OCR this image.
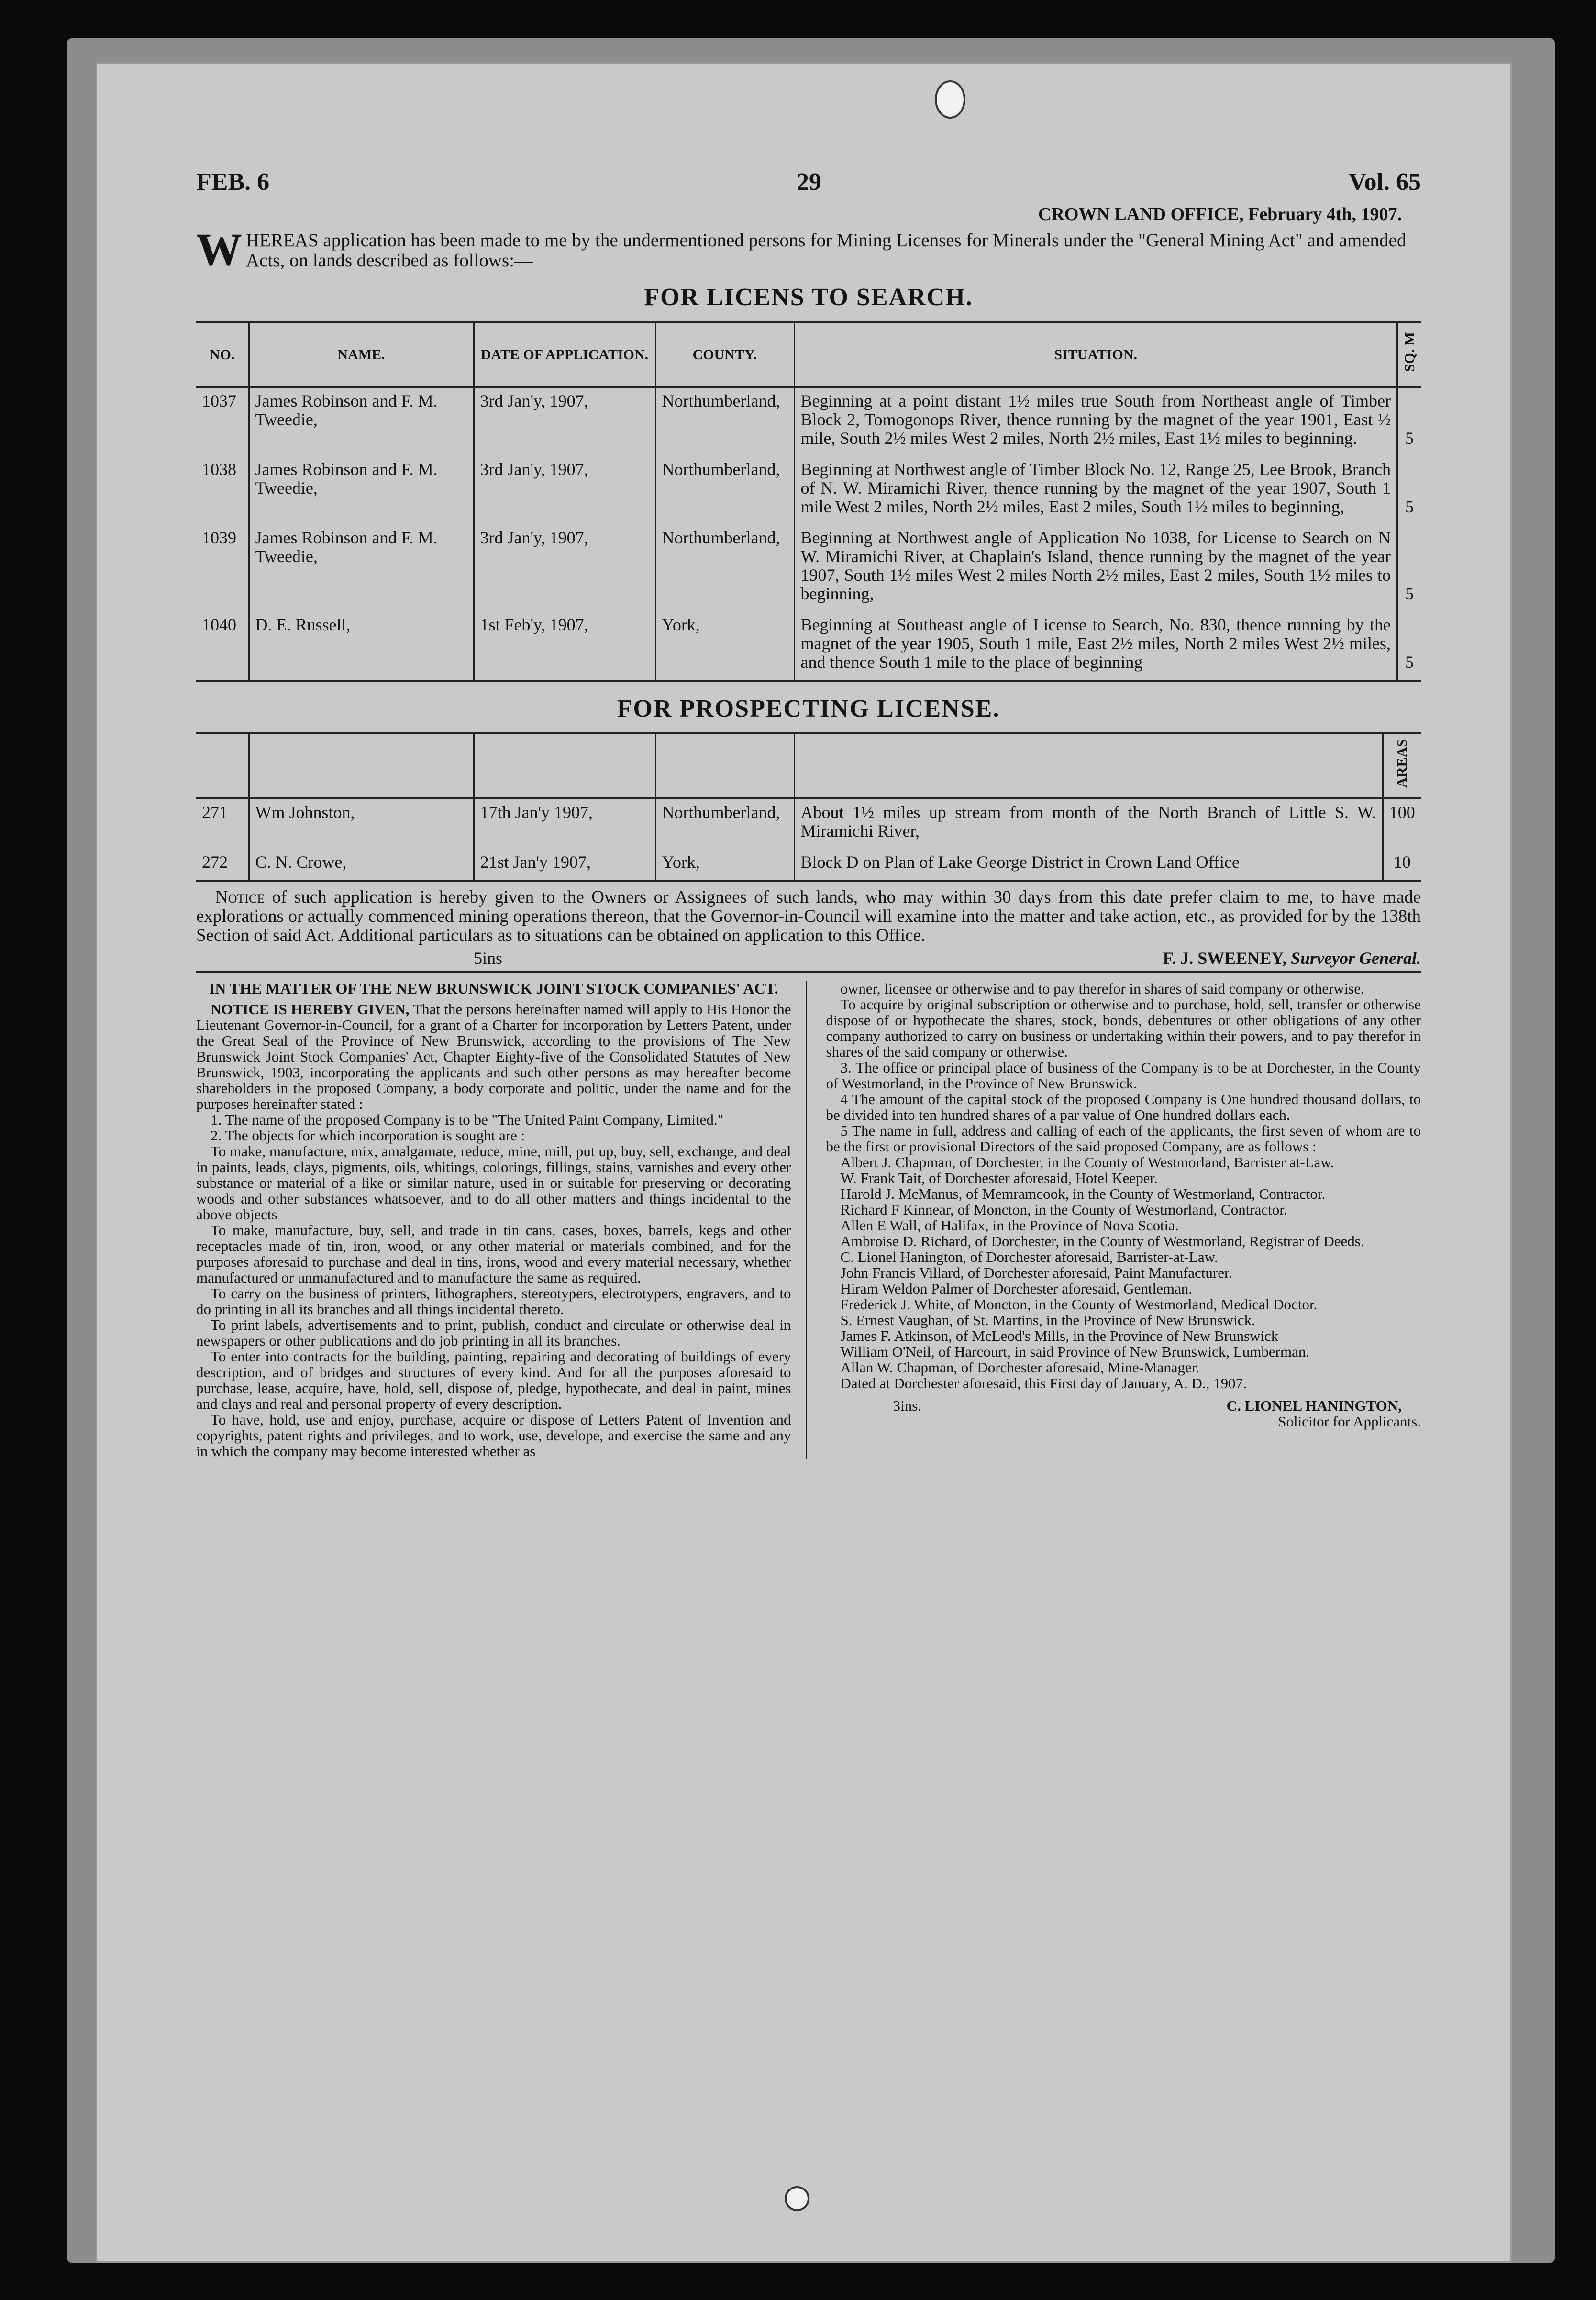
FEB. 6	29	Vol. 65
CROWN LAND OFFICE, February 4th, 1907.
W HEREAS application has been made to me by the undermentioned persons for Mining Licenses for Minerals under the "General Mining Act" and amended Acts, on lands described as follows:—
FOR LICENS TO SEARCH.
NO.	NAME.	DATE OF APPLICATION.	COUNTY.	SITUATION.	SQ. M
1037	James Robinson and F. M. Tweedie,	3rd Jan'y, 1907,	Northumberland,	Beginning at a point distant 1½ miles true South from Northeast angle of Timber Block 2, Tomogonops River, thence running by the magnet of the year 1901, East ½ mile, South 2½ miles West 2 miles, North 2½ miles, East 1½ miles to beginning.	5
1038	James Robinson and F. M. Tweedie,	3rd Jan'y, 1907,	Northumberland,	Beginning at Northwest angle of Timber Block No. 12, Range 25, Lee Brook, Branch of N. W. Miramichi River, thence running by the magnet of the year 1907, South 1 mile West 2 miles, North 2½ miles, East 2 miles, South 1½ miles to beginning,	5
1039	James Robinson and F. M. Tweedie,	3rd Jan'y, 1907,	Northumberland,	Beginning at Northwest angle of Application No 1038, for License to Search on N W. Miramichi River, at Chaplain's Island, thence running by the magnet of the year 1907, South 1½ miles West 2 miles North 2½ miles, East 2 miles, South 1½ miles to beginning,	5
1040	D. E. Russell,	1st Feb'y, 1907,	York,	Beginning at Southeast angle of License to Search, No. 830, thence running by the magnet of the year 1905, South 1 mile, East 2½ miles, North 2 miles West 2½ miles, and thence South 1 mile to the place of beginning	5
FOR PROSPECTING LICENSE.
					AREAS
271	Wm Johnston,	17th Jan'y 1907,	Northumberland,	About 1½ miles up stream from month of the North Branch of Little S. W. Miramichi River,	100
272	C. N. Crowe,	21st Jan'y 1907,	York,	Block D on Plan of Lake George District in Crown Land Office	10
Notice of such application is hereby given to the Owners or Assignees of such lands, who may within 30 days from this date prefer claim to me, to have made explorations or actually commenced mining operations thereon, that the Governor-in-Council will examine into the matter and take action, etc., as provided for by the 138th Section of said Act. Additional particulars as to situations can be obtained on application to this Office.
5ins	F. J. SWEENEY, Surveyor General.

IN THE MATTER OF THE NEW BRUNSWICK JOINT STOCK COMPANIES' ACT.

NOTICE IS HEREBY GIVEN, That the persons hereinafter named will apply to His Honor the Lieutenant Governor-in-Council, for a grant of a Charter for incorporation by Letters Patent, under the Great Seal of the Province of New Brunswick, according to the provisions of The New Brunswick Joint Stock Companies' Act, Chapter Eighty-five of the Consolidated Statutes of New Brunswick, 1903, incorporating the applicants and such other persons as may hereafter become shareholders in the proposed Company, a body corporate and politic, under the name and for the purposes hereinafter stated :

1. The name of the proposed Company is to be "The United Paint Company, Limited."

2. The objects for which incorporation is sought are :

To make, manufacture, mix, amalgamate, reduce, mine, mill, put up, buy, sell, exchange, and deal in paints, leads, clays, pigments, oils, whitings, colorings, fillings, stains, varnishes and every other substance or material of a like or similar nature, used in or suitable for preserving or decorating woods and other substances whatsoever, and to do all other matters and things incidental to the above objects

To make, manufacture, buy, sell, and trade in tin cans, cases, boxes, barrels, kegs and other receptacles made of tin, iron, wood, or any other material or materials combined, and for the purposes aforesaid to purchase and deal in tins, irons, wood and every material necessary, whether manufactured or unmanufactured and to manufacture the same as required.

To carry on the business of printers, lithographers, stereotypers, electrotypers, engravers, and to do printing in all its branches and all things incidental thereto.

To print labels, advertisements and to print, publish, conduct and circulate or otherwise deal in newspapers or other publications and do job printing in all its branches.

To enter into contracts for the building, painting, repairing and decorating of buildings of every description, and of bridges and structures of every kind. And for all the purposes aforesaid to purchase, lease, acquire, have, hold, sell, dispose of, pledge, hypothecate, and deal in paint, mines and clays and real and personal property of every description.

To have, hold, use and enjoy, purchase, acquire or dispose of Letters Patent of Invention and copyrights, patent rights and privileges, and to work, use, develope, and exercise the same and any in which the company may become interested whether as

owner, licensee or otherwise and to pay therefor in shares of said company or otherwise.

To acquire by original subscription or otherwise and to purchase, hold, sell, transfer or otherwise dispose of or hypothecate the shares, stock, bonds, debentures or other obligations of any other company authorized to carry on business or undertaking within their powers, and to pay therefor in shares of the said company or otherwise.

3. The office or principal place of business of the Company is to be at Dorchester, in the County of Westmorland, in the Province of New Brunswick.

4 The amount of the capital stock of the proposed Company is One hundred thousand dollars, to be divided into ten hundred shares of a par value of One hundred dollars each.

5 The name in full, address and calling of each of the applicants, the first seven of whom are to be the first or provisional Directors of the said proposed Company, are as follows :

Albert J. Chapman, of Dorchester, in the County of Westmorland, Barrister at-Law.

W. Frank Tait, of Dorchester aforesaid, Hotel Keeper.

Harold J. McManus, of Memramcook, in the County of Westmorland, Contractor.

Richard F Kinnear, of Moncton, in the County of Westmorland, Contractor.

Allen E Wall, of Halifax, in the Province of Nova Scotia.

Ambroise D. Richard, of Dorchester, in the County of Westmorland, Registrar of Deeds.

C. Lionel Hanington, of Dorchester aforesaid, Barrister-at-Law.

John Francis Villard, of Dorchester aforesaid, Paint Manufacturer.

Hiram Weldon Palmer of Dorchester aforesaid, Gentleman.

Frederick J. White, of Moncton, in the County of Westmorland, Medical Doctor.

S. Ernest Vaughan, of St. Martins, in the Province of New Brunswick.

James F. Atkinson, of McLeod's Mills, in the Province of New Brunswick

William O'Neil, of Harcourt, in said Province of New Brunswick, Lumberman.

Allan W. Chapman, of Dorchester aforesaid, Mine-Manager.

Dated at Dorchester aforesaid, this First day of January, A. D., 1907.

3ins.	C. LIONEL HANINGTON,

Solicitor for Applicants.
